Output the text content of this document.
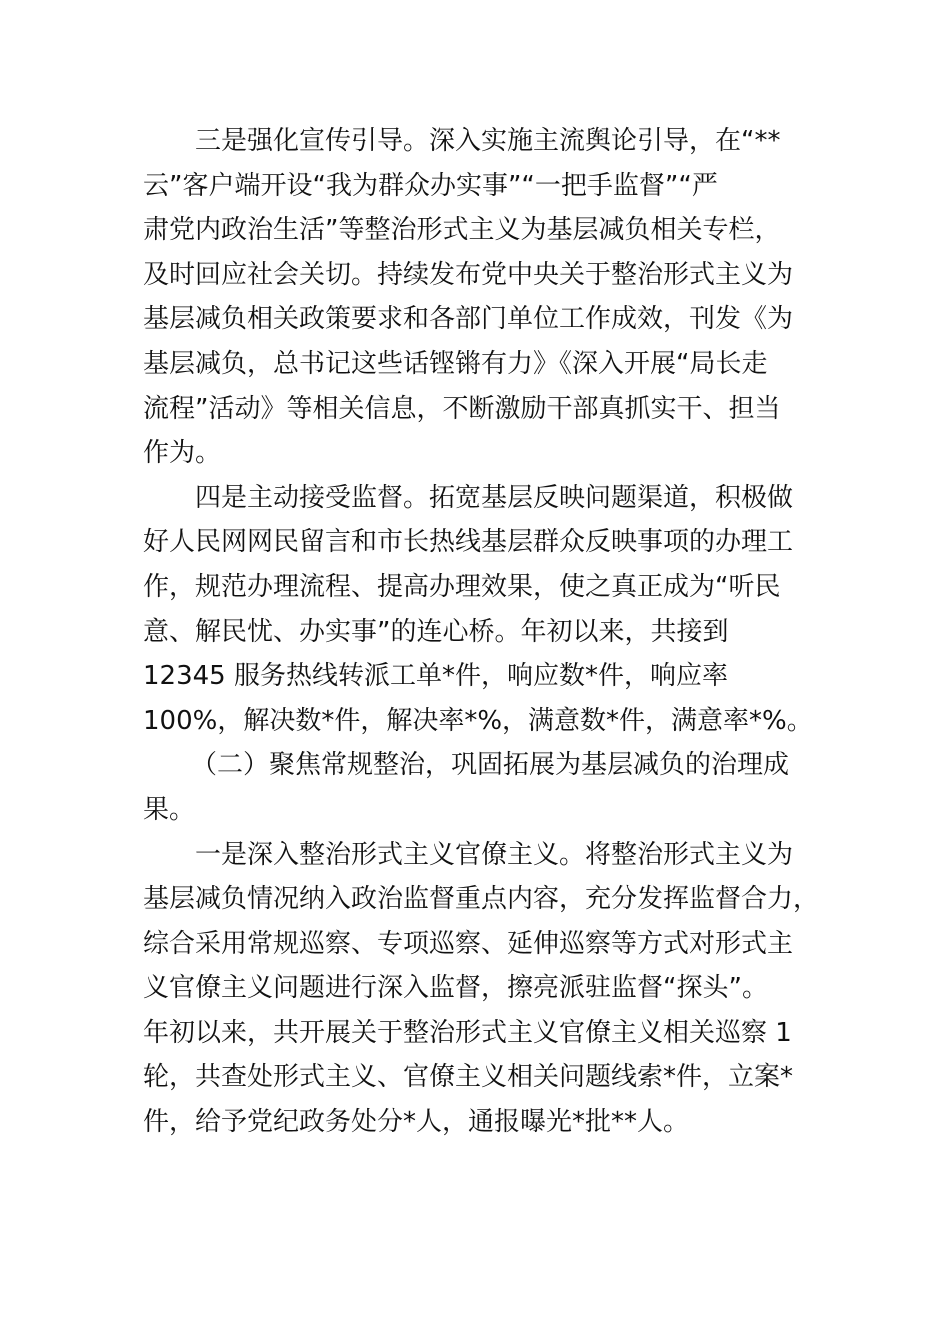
三是强化宣传引导。深入实施主流舆论引导，在“**
云”客户端开设“我为群众办实事”“一把手监督”“严
肃党内政治生活”等整治形式主义为基层减负相关专栏，
及时回应社会关切。持续发布党中央关于整治形式主义为
基层减负相关政策要求和各部门单位工作成效，刊发《为
基层减负，总书记这些话铿锵有力》《深入开展“局长走
流程”活动》等相关信息，不断激励干部真抓实干、担当
作为。
四是主动接受监督。拓宽基层反映问题渠道，积极做
好人民网网民留言和市长热线基层群众反映事项的办理工
作，规范办理流程、提高办理效果，使之真正成为“听民
意、解民忧、办实事”的连心桥。年初以来，共接到
12345 服务热线转派工单*件，响应数*件，响应率
100%，解决数*件，解决率*%，满意数*件，满意率*%。
（二）聚焦常规整治，巩固拓展为基层减负的治理成
果。
一是深入整治形式主义官僚主义。将整治形式主义为
基层减负情况纳入政治监督重点内容，充分发挥监督合力，
综合采用常规巡察、专项巡察、延伸巡察等方式对形式主
义官僚主义问题进行深入监督，擦亮派驻监督“探头”。
年初以来，共开展关于整治形式主义官僚主义相关巡察 1
轮，共查处形式主义、官僚主义相关问题线索*件，立案*
件，给予党纪政务处分*人，通报曝光*批**人。
